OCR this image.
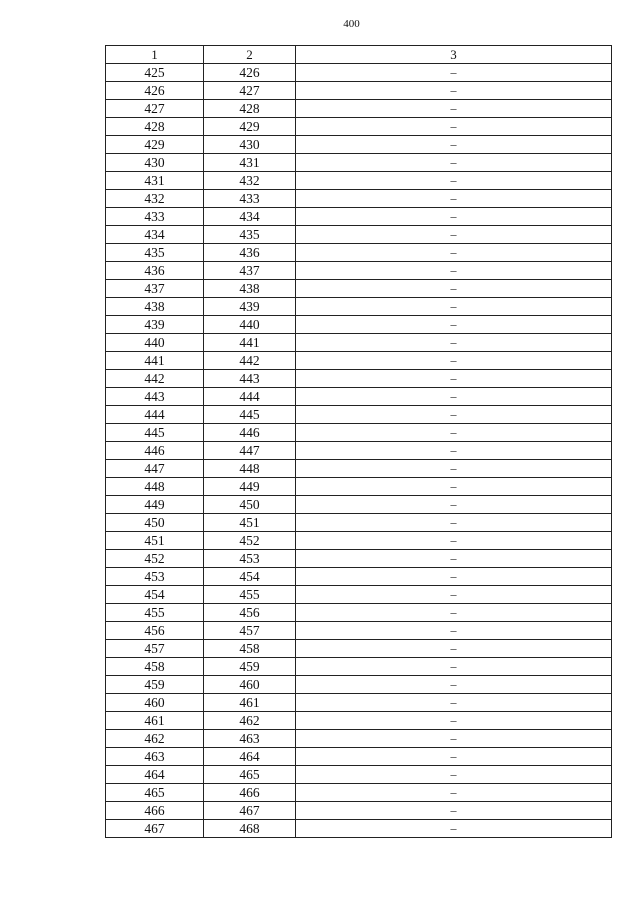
400
1	2	3
425	426	–
426	427	–
427	428	–
428	429	–
429	430	–
430	431	–
431	432	–
432	433	–
433	434	–
434	435	–
435	436	–
436	437	–
437	438	–
438	439	–
439	440	–
440	441	–
441	442	–
442	443	–
443	444	–
444	445	–
445	446	–
446	447	–
447	448	–
448	449	–
449	450	–
450	451	–
451	452	–
452	453	–
453	454	–
454	455	–
455	456	–
456	457	–
457	458	–
458	459	–
459	460	–
460	461	–
461	462	–
462	463	–
463	464	–
464	465	–
465	466	–
466	467	–
467	468	–
